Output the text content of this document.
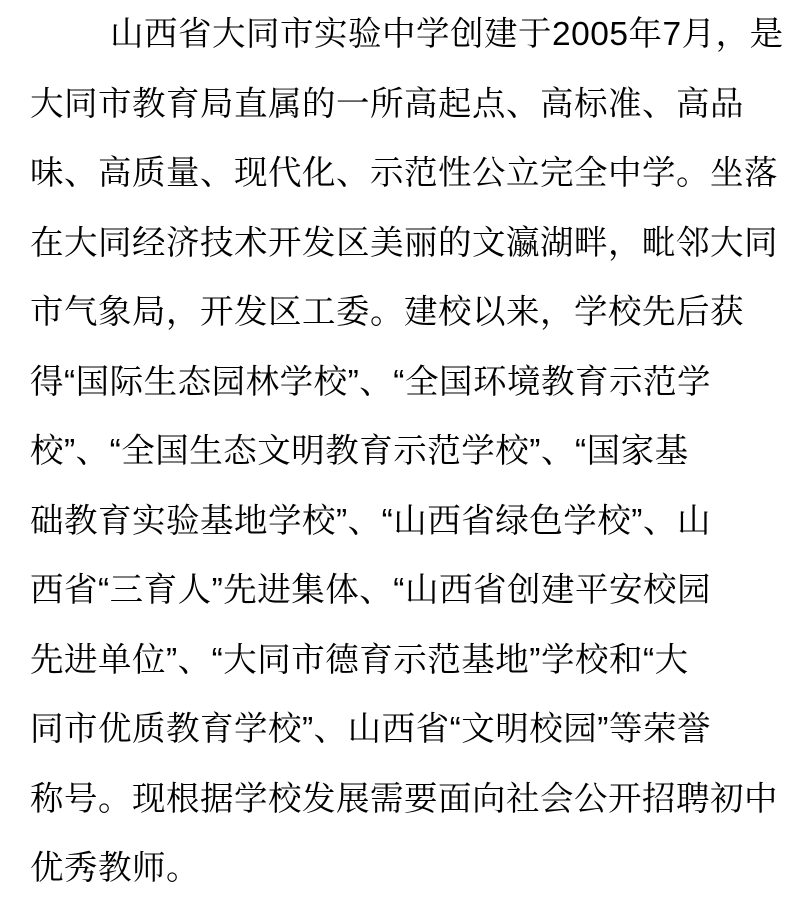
山西省大同市实验中学创建于2005年7月，是
大同市教育局直属的一所高起点、高标准、高品
味、高质量、现代化、示范性公立完全中学。坐落
在大同经济技术开发区美丽的文瀛湖畔，毗邻大同
市气象局，开发区工委。建校以来，学校先后获
得“国际生态园林学校”、“全国环境教育示范学
校”、“全国生态文明教育示范学校”、“国家基
础教育实验基地学校”、“山西省绿色学校”、山
西省“三育人”先进集体、“山西省创建平安校园
先进单位”、“大同市德育示范基地”学校和“大
同市优质教育学校”、山西省“文明校园”等荣誉
称号。现根据学校发展需要面向社会公开招聘初中
优秀教师。
